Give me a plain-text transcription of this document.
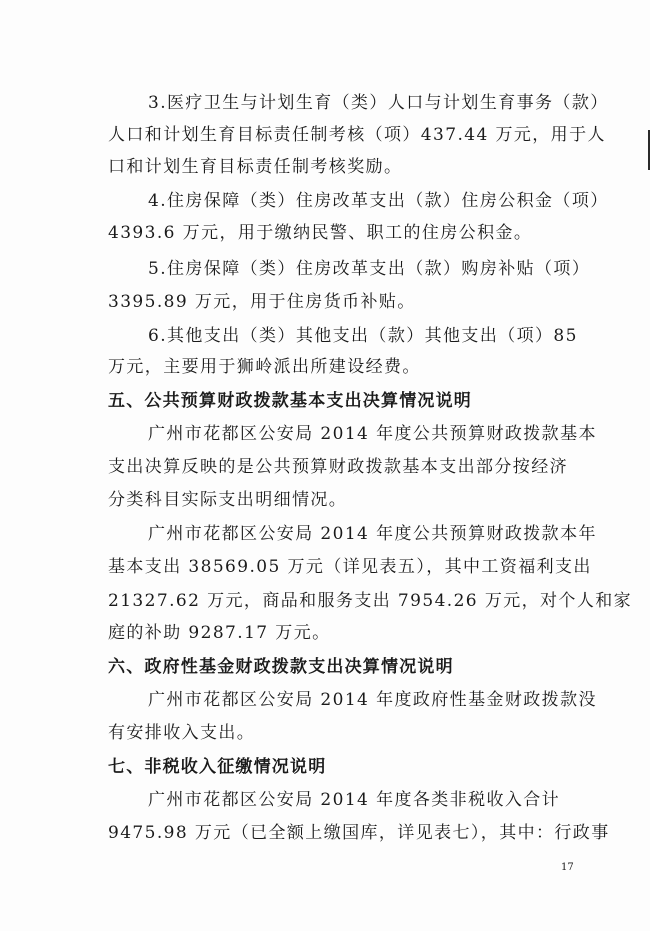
3.医疗卫生与计划生育（类）人口与计划生育事务（款）
人口和计划生育目标责任制考核（项）437.44 万元，用于人
口和计划生育目标责任制考核奖励。
4.住房保障（类）住房改革支出（款）住房公积金（项）
4393.6 万元，用于缴纳民警、职工的住房公积金。
5.住房保障（类）住房改革支出（款）购房补贴（项）
3395.89 万元，用于住房货币补贴。
6.其他支出（类）其他支出（款）其他支出（项）85
万元，主要用于狮岭派出所建设经费。
五、公共预算财政拨款基本支出决算情况说明
广州市花都区公安局 2014 年度公共预算财政拨款基本
支出决算反映的是公共预算财政拨款基本支出部分按经济
分类科目实际支出明细情况。
广州市花都区公安局 2014 年度公共预算财政拨款本年
基本支出 38569.05 万元（详见表五），其中工资福利支出
21327.62 万元，商品和服务支出 7954.26 万元，对个人和家
庭的补助 9287.17 万元。
六、政府性基金财政拨款支出决算情况说明
广州市花都区公安局 2014 年度政府性基金财政拨款没
有安排收入支出。
七、非税收入征缴情况说明
广州市花都区公安局 2014 年度各类非税收入合计
9475.98 万元（已全额上缴国库，详见表七），其中：行政事
17
